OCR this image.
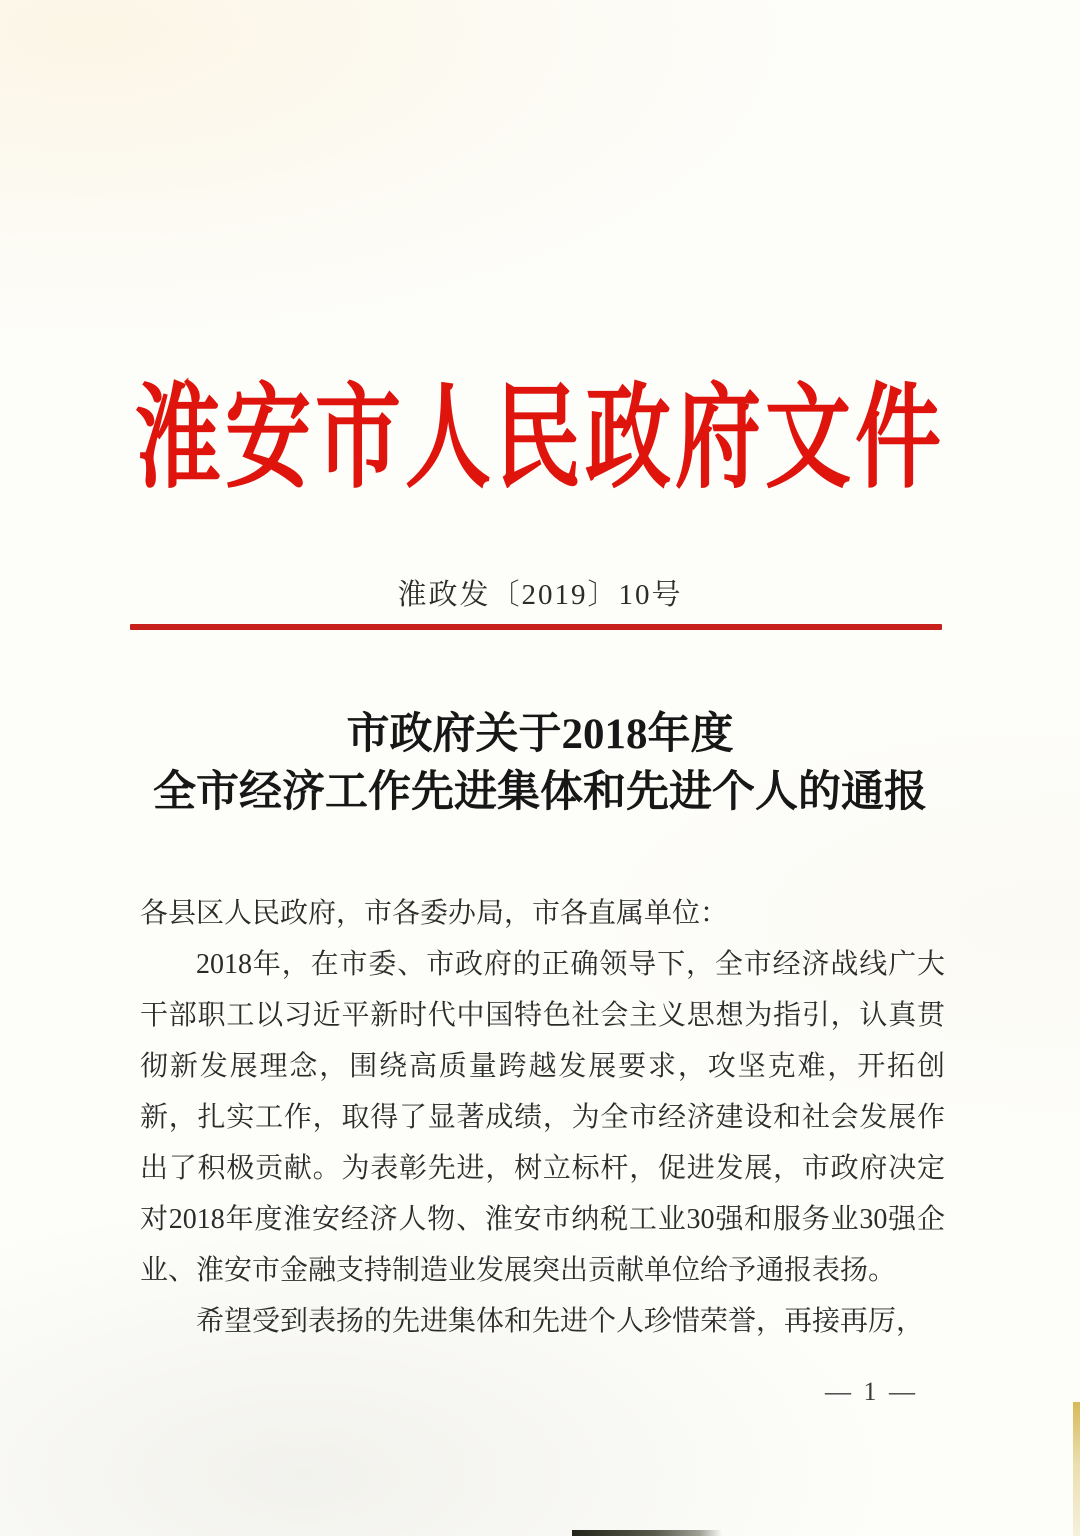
淮安市人民政府文件
淮政发〔2019〕10号
市政府关于2018年度
全市经济工作先进集体和先进个人的通报

各县区人民政府，市各委办局，市各直属单位：

2018年，在市委、市政府的正确领导下，全市经济战线广大干部职工以习近平新时代中国特色社会主义思想为指引，认真贯彻新发展理念，围绕高质量跨越发展要求，攻坚克难，开拓创新，扎实工作，取得了显著成绩，为全市经济建设和社会发展作出了积极贡献。为表彰先进，树立标杆，促进发展，市政府决定对2018年度淮安经济人物、淮安市纳税工业30强和服务业30强企业、淮安市金融支持制造业发展突出贡献单位给予通报表扬。

希望受到表扬的先进集体和先进个人珍惜荣誉，再接再厉，

— 1 —
